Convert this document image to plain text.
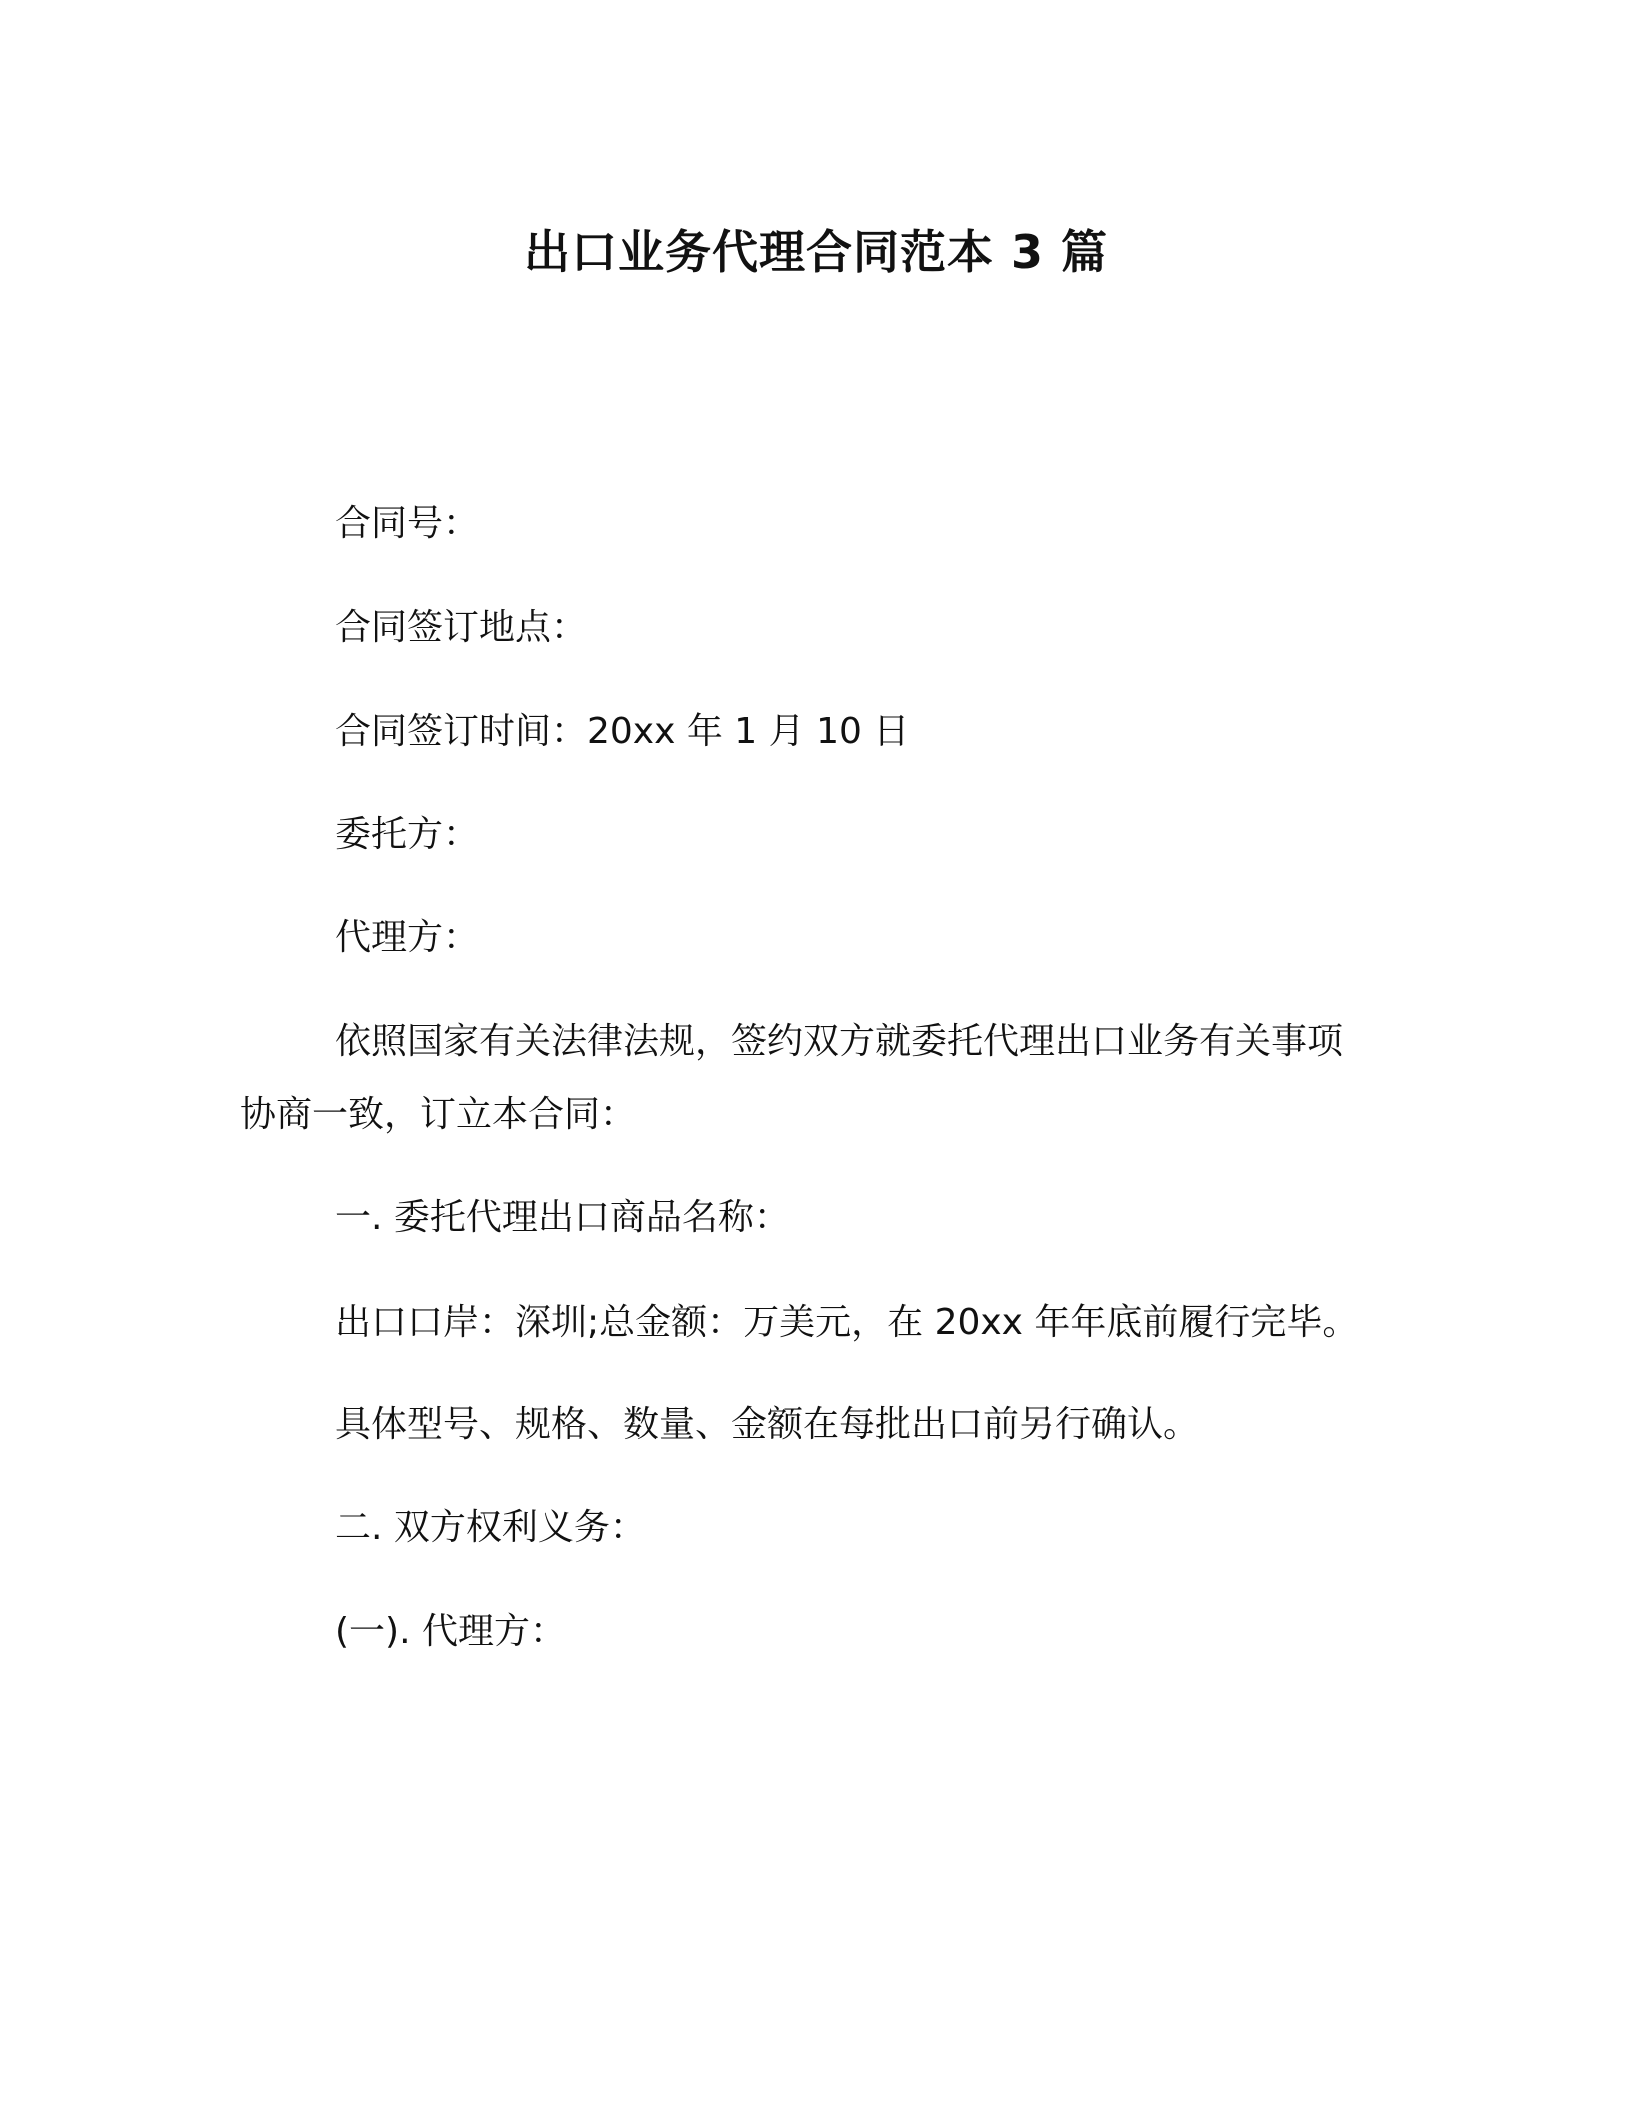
出口业务代理合同范本 3 篇
合同号：
合同签订地点：
合同签订时间：20xx 年 1 月 10 日
委托方：
代理方：
依照国家有关法律法规，签约双方就委托代理出口业务有关事项
协商一致，订立本合同：
一. 委托代理出口商品名称：
出口口岸：深圳;总金额：万美元，在 20xx 年年底前履行完毕。
具体型号、规格、数量、金额在每批出口前另行确认。
二. 双方权利义务：
(一). 代理方：
